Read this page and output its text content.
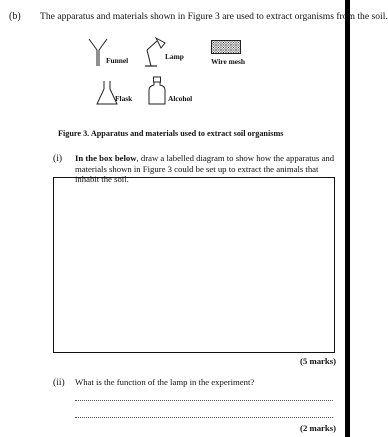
(b) The apparatus and materials shown in Figure 3 are used to extract organisms from the soil.
Funnel	Lamp
Wire mesh
Flask	Alcohol
Figure 3. Apparatus and materials used to extract soil organisms
(i) In the box below, draw a labelled diagram to show how the apparatus and materials shown in Figure 3 could be set up to extract the animals that inhabit the soil.
(5 marks)
(ii) What is the function of the lamp in the experiment?
(2 marks)
